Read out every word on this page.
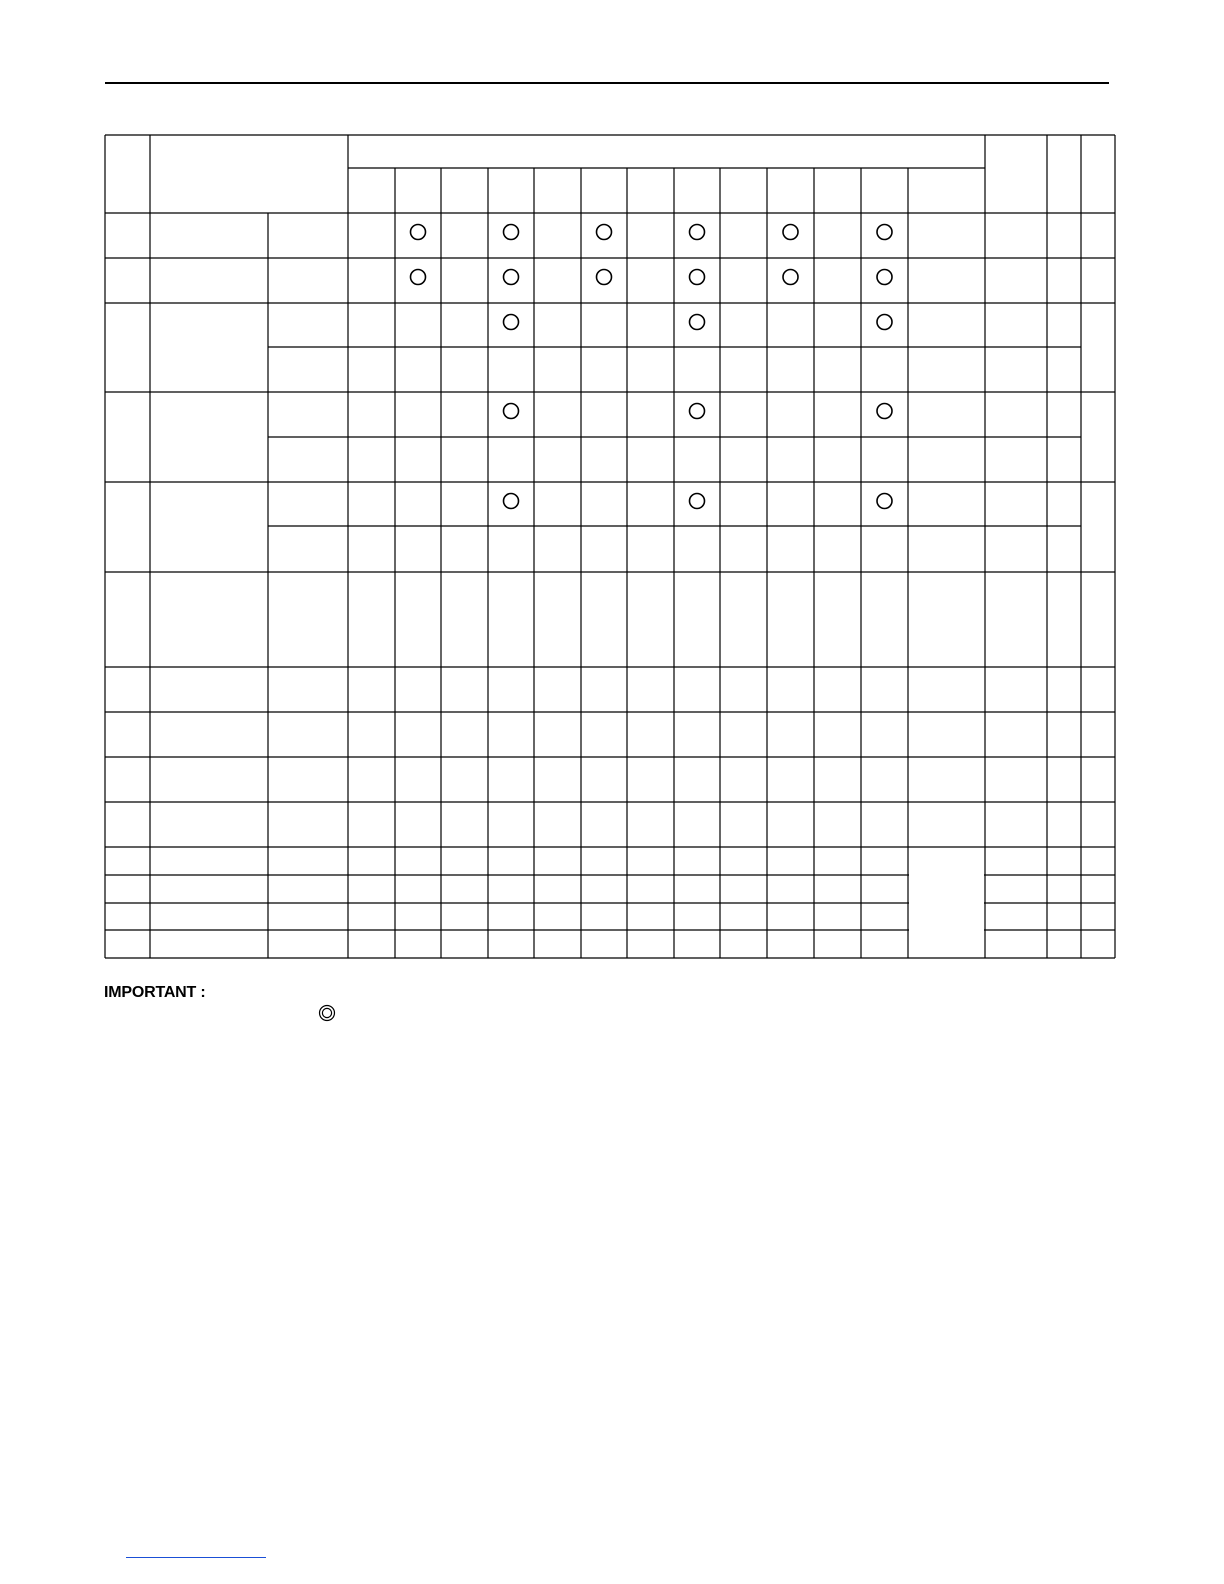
IMPORTANT :
